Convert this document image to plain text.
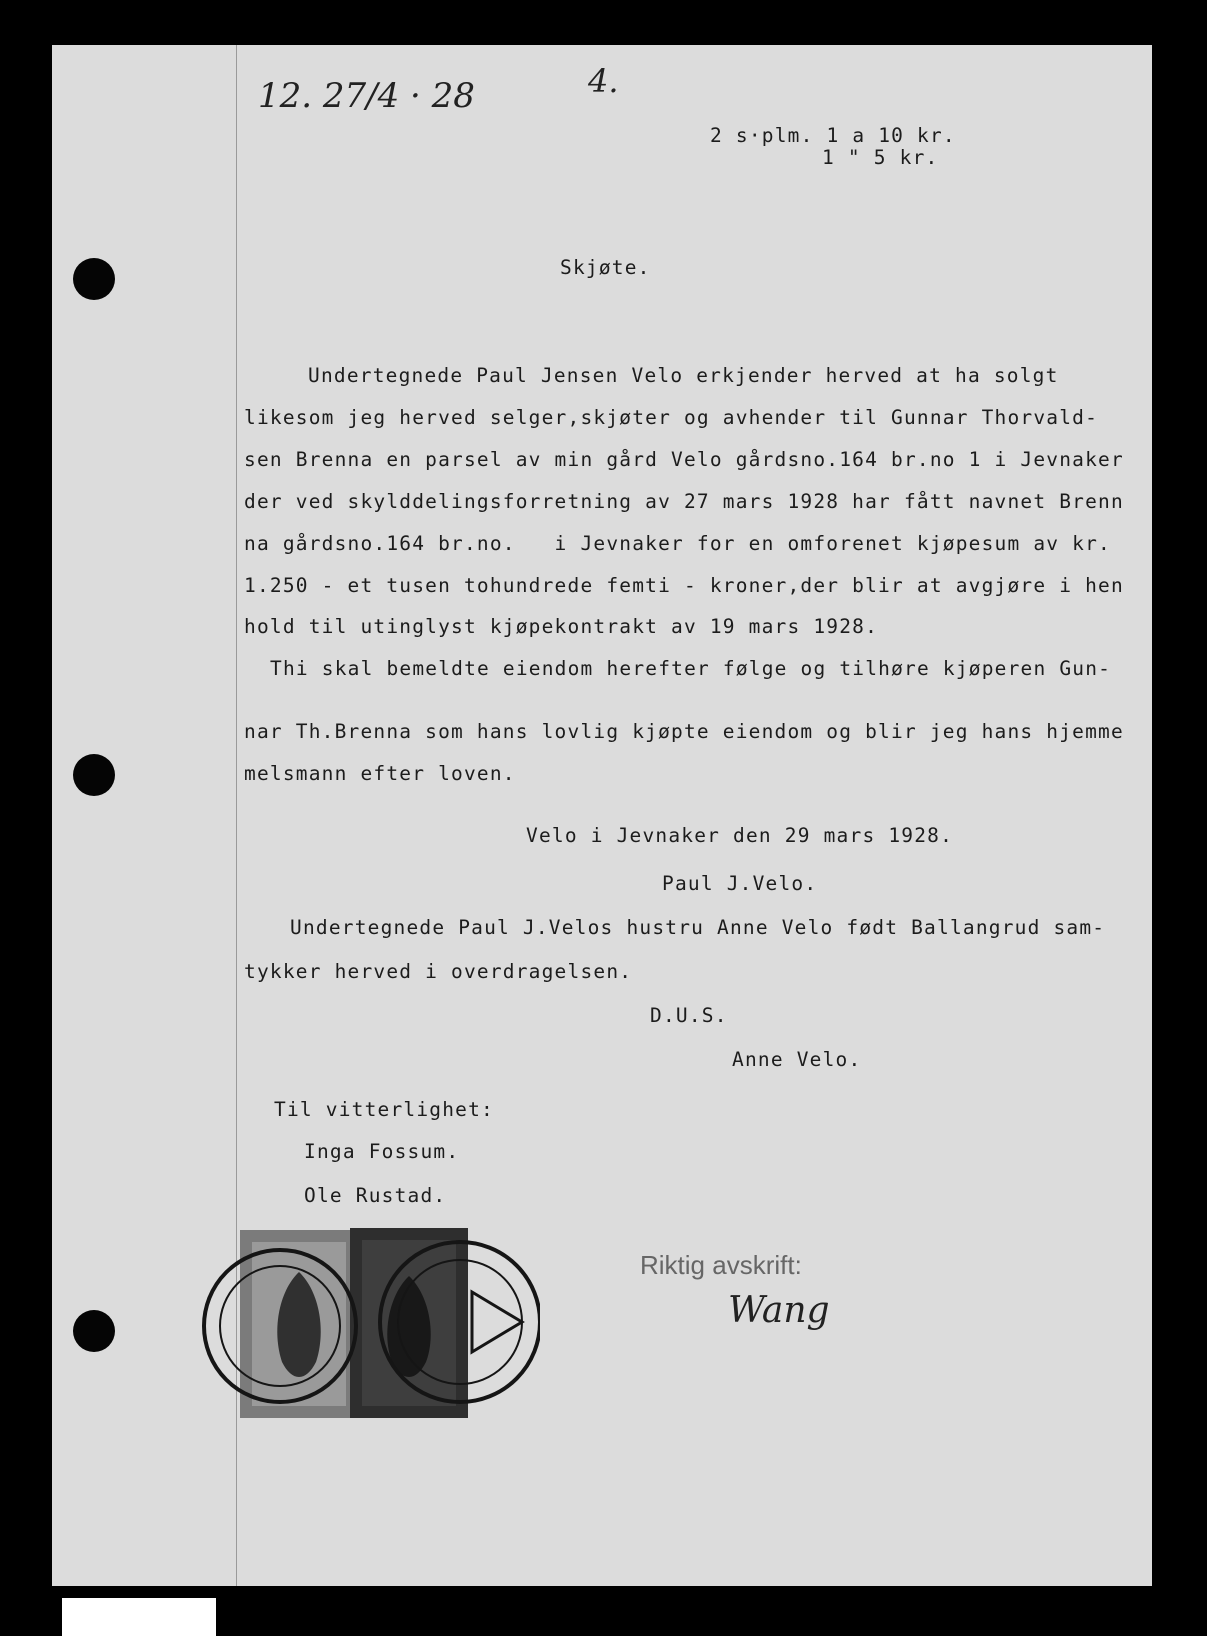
12. 27/4 · 28	4.
2 s·plm. 1 a 10 kr.
1 " 5 kr.
Skjøte.
Undertegnede Paul Jensen Velo erkjender herved at ha solgt
likesom jeg herved selger,skjøter og avhender til Gunnar Thorvald-
sen Brenna en parsel av min gård Velo gårdsno.164 br.no 1 i Jevnaker
der ved skylddelingsforretning av 27 mars 1928 har fått navnet Brenn
na gårdsno.164 br.no.   i Jevnaker for en omforenet kjøpesum av kr.
1.250 - et tusen tohundrede femti - kroner,der blir at avgjøre i hen
hold til utinglyst kjøpekontrakt av 19 mars 1928.
Thi skal bemeldte eiendom herefter følge og tilhøre kjøperen Gun-
nar Th.Brenna som hans lovlig kjøpte eiendom og blir jeg hans hjemme
melsmann efter loven.
Velo i Jevnaker den 29 mars 1928.
Paul J.Velo.
Undertegnede Paul J.Velos hustru Anne Velo født Ballangrud sam-
tykker herved i overdragelsen.
D.U.S.
Anne Velo.
Til vitterlighet:
Inga Fossum.
Ole Rustad.
Riktig avskrift:
Wang
